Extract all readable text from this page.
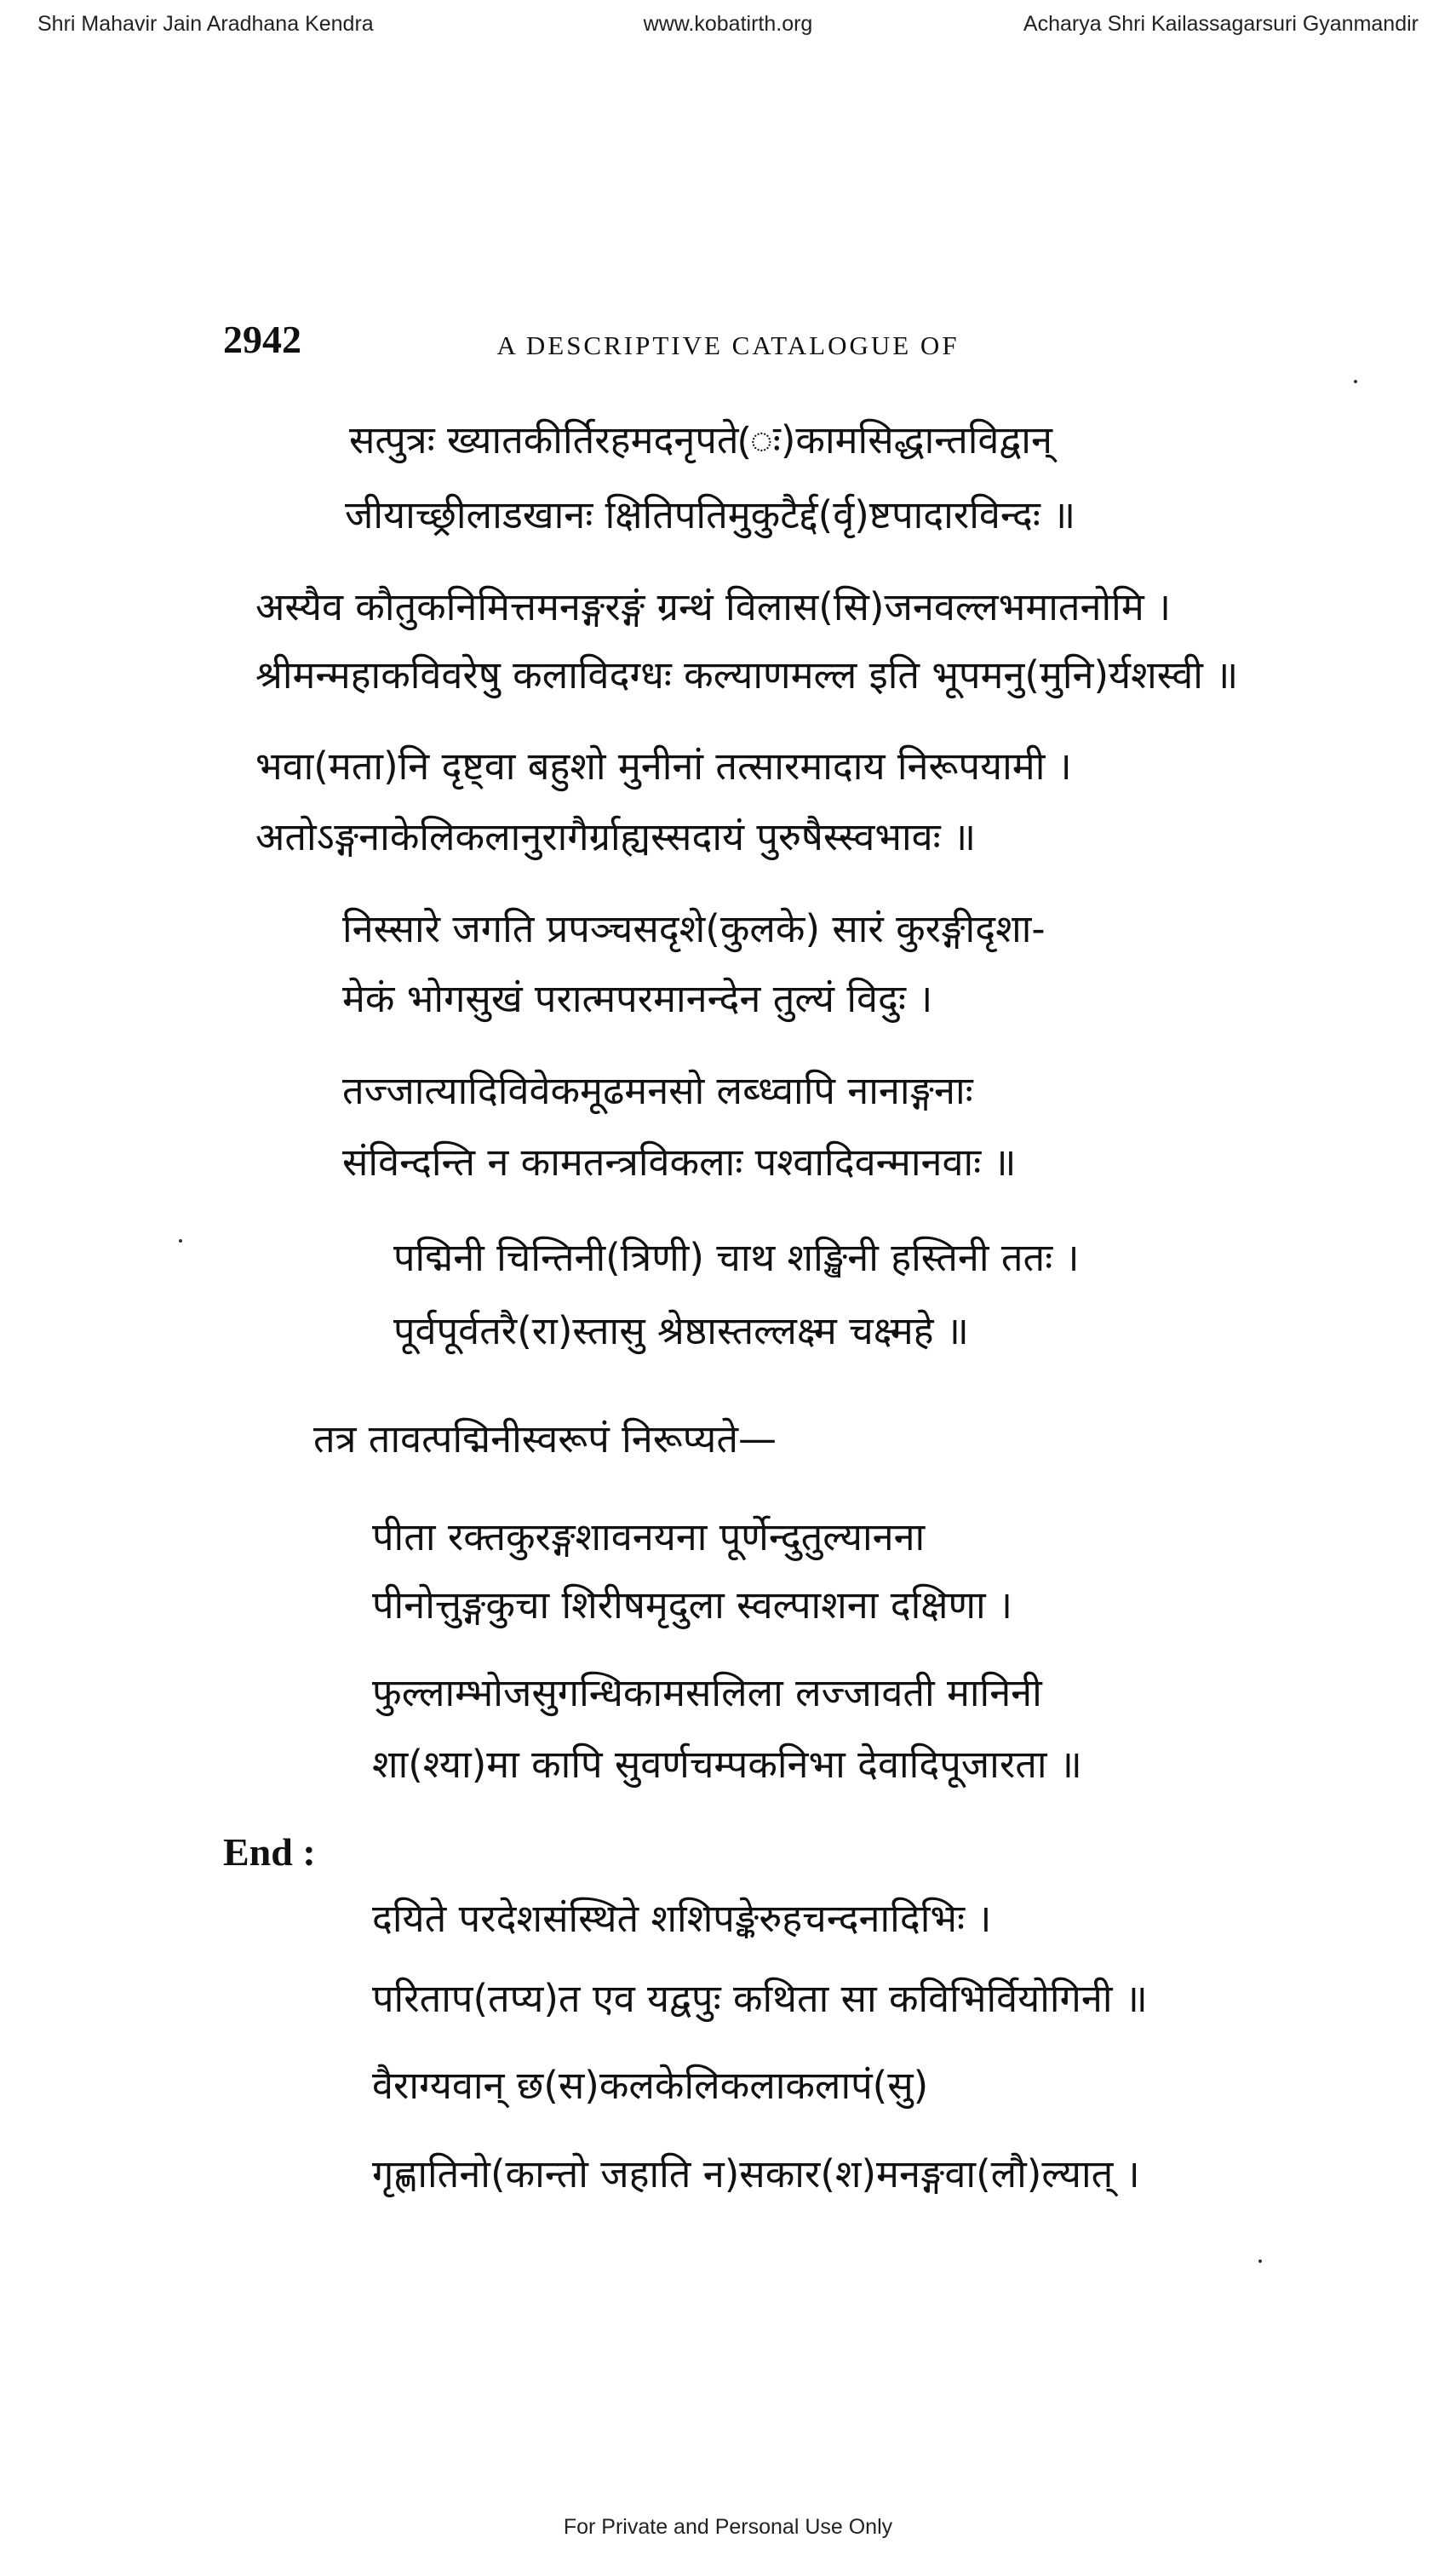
Shri Mahavir Jain Aradhana Kendra	www.kobatirth.org	Acharya Shri Kailassagarsuri Gyanmandir
2942	A DESCRIPTIVE CATALOGUE OF
सत्पुत्रः ख्यातकीर्तिरहमदनृपते(ः)कामसिद्धान्तविद्वान्
जीयाच्छ्रीलाडखानः क्षितिपतिमुकुटैर्द्द(र्वृ)ष्टपादारविन्दः ॥
अस्यैव कौतुकनिमित्तमनङ्गरङ्गं ग्रन्थं विलास(सि)जनवल्लभमातनोमि ।
श्रीमन्महाकविवरेषु कलाविदग्धः कल्याणमल्ल इति भूपमनु(मुनि)र्यशस्वी ॥
भवा(मता)नि दृष्ट्वा बहुशो मुनीनां तत्सारमादाय निरूपयामी ।
अतोऽङ्गनाकेलिकलानुरागैर्ग्राह्यस्सदायं पुरुषैस्स्वभावः ॥
निस्सारे जगति प्रपञ्चसदृशे(कुलके) सारं कुरङ्गीदृशा-
मेकं भोगसुखं परात्मपरमानन्देन तुल्यं विदुः ।
तज्जात्यादिविवेकमूढमनसो लब्ध्वापि नानाङ्गनाः
संविन्दन्ति न कामतन्त्रविकलाः पश्वादिवन्मानवाः ॥
पद्मिनी चिन्तिनी(त्रिणी) चाथ शङ्खिनी हस्तिनी ततः ।
पूर्वपूर्वतरै(रा)स्तासु श्रेष्ठास्तल्लक्ष्म चक्ष्महे ॥
तत्र तावत्पद्मिनीस्वरूपं निरूप्यते—
पीता रक्तकुरङ्गशावनयना पूर्णेन्दुतुल्यानना
पीनोत्तुङ्गकुचा शिरीषमृदुला स्वल्पाशना दक्षिणा ।
फुल्लाम्भोजसुगन्धिकामसलिला लज्जावती मानिनी
शा(श्या)मा कापि सुवर्णचम्पकनिभा देवादिपूजारता ॥
End :
दयिते परदेशसंस्थिते शशिपङ्केरुहचन्दनादिभिः ।
परिताप(तप्य)त एव यद्वपुः कथिता सा कविभिर्वियोगिनी ॥
वैराग्यवान् छ(स)कलकेलिकलाकलापं(सु)
गृह्णातिनो(कान्तो जहाति न)सकार(श)मनङ्गवा(लौ)ल्यात् ।
For Private and Personal Use Only
